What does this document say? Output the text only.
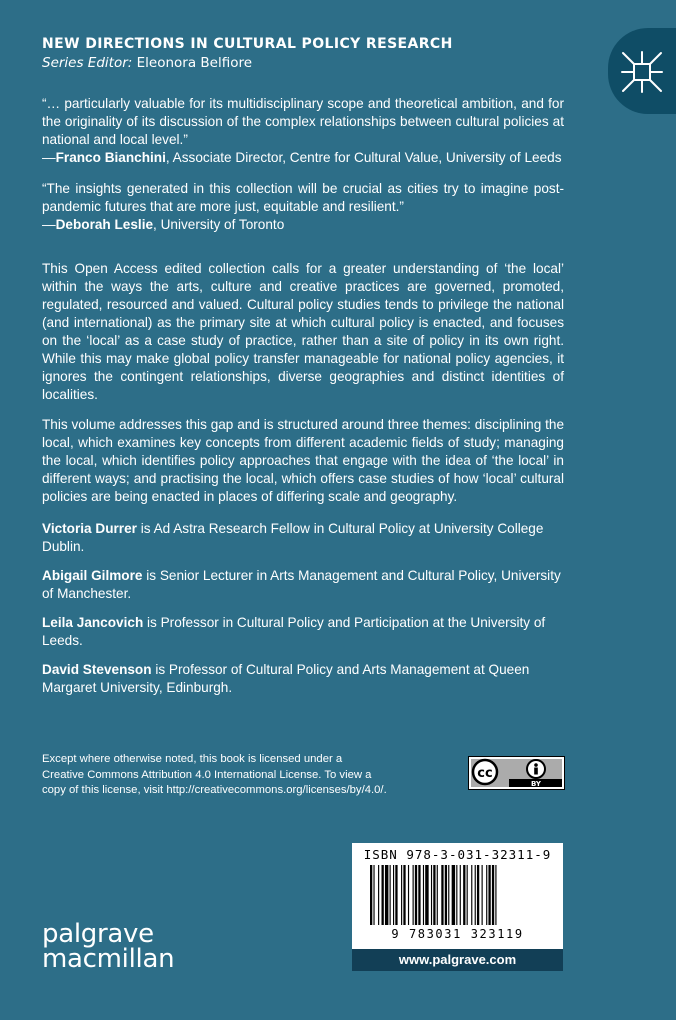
NEW DIRECTIONS IN CULTURAL POLICY RESEARCH
Series Editor: Eleonora Belfiore

“… particularly valuable for its multidisciplinary scope and theoretical ambition, and for the originality of its discussion of the complex relationships between cultural policies at national and local level.”
—Franco Bianchini, Associate Director, Centre for Cultural Value, University of Leeds

“The insights generated in this collection will be crucial as cities try to imagine post-pandemic futures that are more just, equitable and resilient.”
—Deborah Leslie, University of Toronto

This Open Access edited collection calls for a greater understanding of ‘the local’ within the ways the arts, culture and creative practices are governed, promoted, regulated, resourced and valued. Cultural policy studies tends to privilege the national (and international) as the primary site at which cultural policy is enacted, and focuses on the ‘local’ as a case study of practice, rather than a site of policy in its own right. While this may make global policy transfer manageable for national policy agencies, it ignores the contingent relationships, diverse geographies and distinct identities of localities.

This volume addresses this gap and is structured around three themes: disciplining the local, which examines key concepts from different academic fields of study; managing the local, which identifies policy approaches that engage with the idea of ‘the local’ in different ways; and practising the local, which offers case studies of how ‘local’ cultural policies are being enacted in places of differing scale and geography.

Victoria Durrer is Ad Astra Research Fellow in Cultural Policy at University College Dublin.

Abigail Gilmore is Senior Lecturer in Arts Management and Cultural Policy, University of Manchester.

Leila Jancovich is Professor in Cultural Policy and Participation at the University of Leeds.

David Stevenson is Professor of Cultural Policy and Arts Management at Queen Margaret University, Edinburgh.

Except where otherwise noted, this book is licensed under a Creative Commons Attribution 4.0 International License. To view a copy of this license, visit http://creativecommons.org/licenses/by/4.0/.
cc
BY
ISBN 978-3-031-32311-9
9 783031 323119
www.palgrave.com
palgrave
macmillan
